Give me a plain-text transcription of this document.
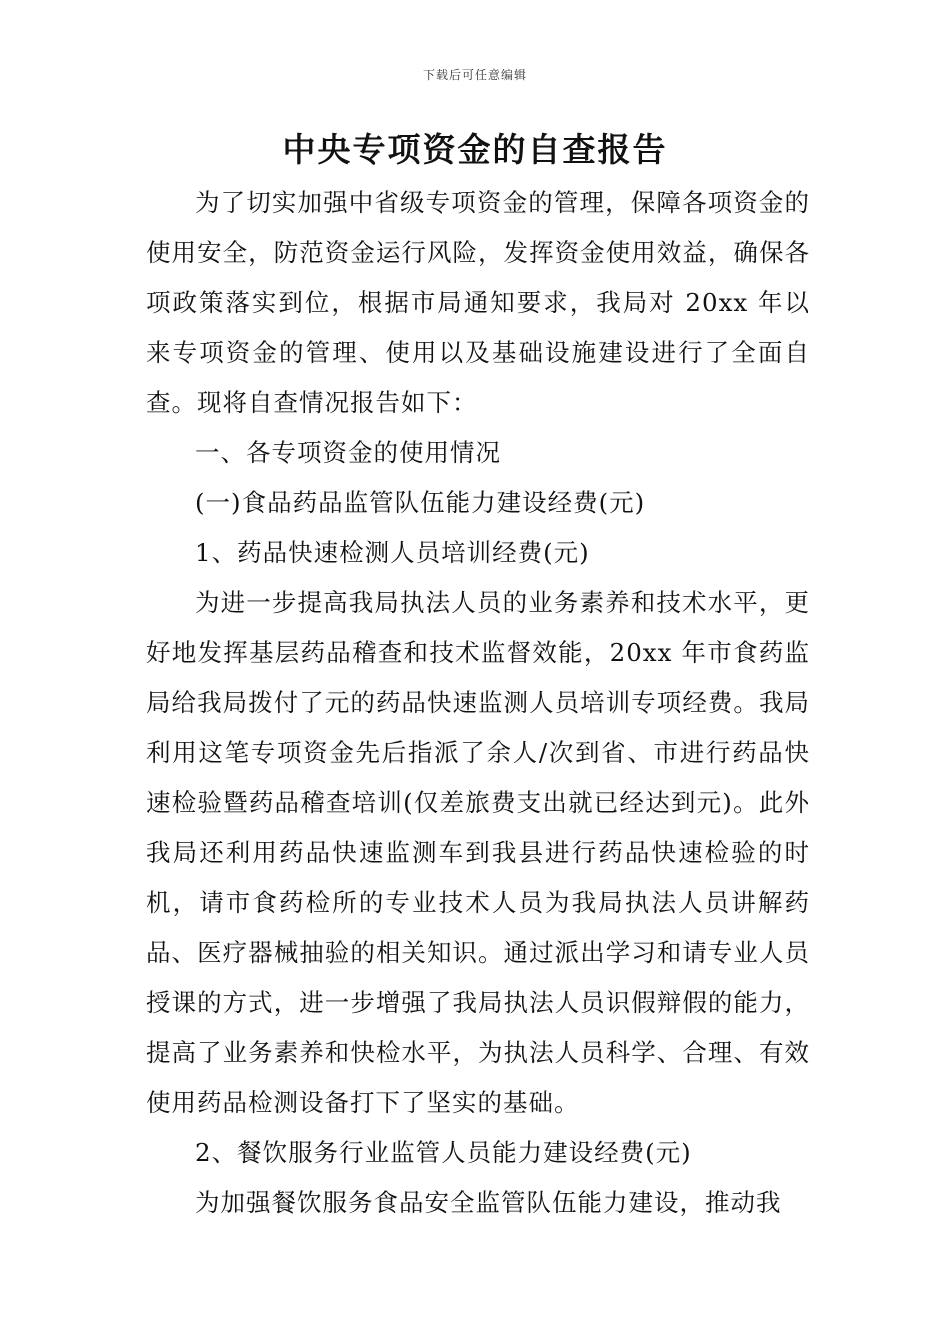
下载后可任意编辑
中央专项资金的自查报告

为了切实加强中省级专项资金的管理，保障各项资金的使用安全，防范资金运行风险，发挥资金使用效益，确保各项政策落实到位，根据市局通知要求，我局对 20xx 年以来专项资金的管理、使用以及基础设施建设进行了全面自查。现将自查情况报告如下：

一、各专项资金的使用情况

(一)食品药品监管队伍能力建设经费(元)

1、药品快速检测人员培训经费(元)

为进一步提高我局执法人员的业务素养和技术水平，更好地发挥基层药品稽查和技术监督效能，20xx 年市食药监局给我局拨付了元的药品快速监测人员培训专项经费。我局利用这笔专项资金先后指派了余人/次到省、市进行药品快速检验暨药品稽查培训(仅差旅费支出就已经达到元)。此外我局还利用药品快速监测车到我县进行药品快速检验的时机，请市食药检所的专业技术人员为我局执法人员讲解药品、医疗器械抽验的相关知识。通过派出学习和请专业人员授课的方式，进一步增强了我局执法人员识假辩假的能力，提高了业务素养和快检水平，为执法人员科学、合理、有效使用药品检测设备打下了坚实的基础。

2、餐饮服务行业监管人员能力建设经费(元)

为加强餐饮服务食品安全监管队伍能力建设，推动我
